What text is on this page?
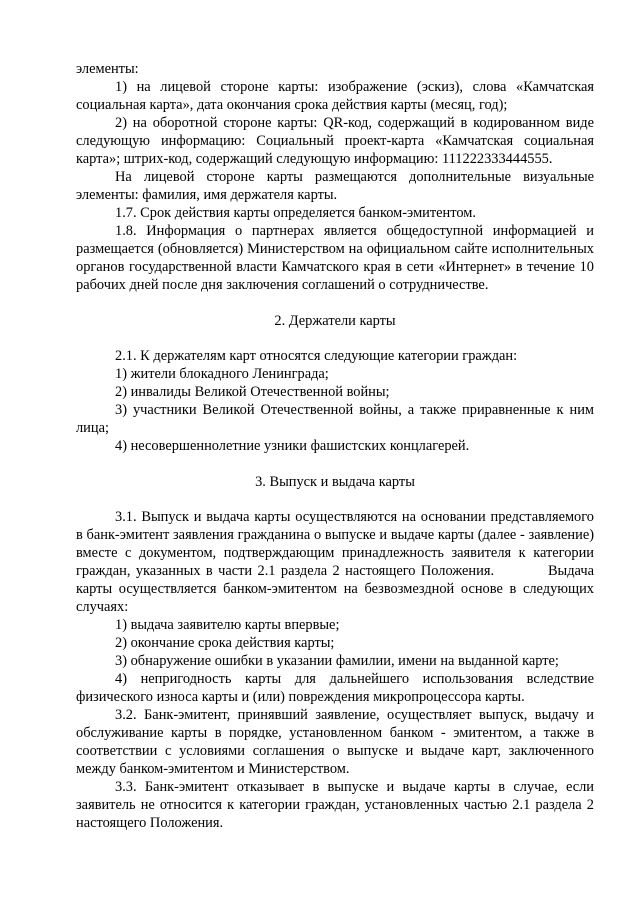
элементы:

1) на лицевой стороне карты: изображение (эскиз), слова «Камчатская социальная карта», дата окончания срока действия карты (месяц, год);

2) на оборотной стороне карты: QR-код, содержащий в кодированном виде следующую информацию: Социальный проект-карта «Камчатская социальная карта»; штрих-код, содержащий следующую информацию: 111222333444555.

На лицевой стороне карты размещаются дополнительные визуальные элементы: фамилия, имя держателя карты.

1.7. Срок действия карты определяется банком-эмитентом.

1.8. Информация о партнерах является общедоступной информацией и размещается (обновляется) Министерством на официальном сайте исполнительных органов государственной власти Камчатского края в сети «Интернет» в течение 10 рабочих дней после дня заключения соглашений о сотрудничестве.

2. Держатели карты

2.1. К держателям карт относятся следующие категории граждан:

1) жители блокадного Ленинграда;

2) инвалиды Великой Отечественной войны;

3) участники Великой Отечественной войны, а также приравненные к ним лица;

4) несовершеннолетние узники фашистских концлагерей.

3. Выпуск и выдача карты

3.1. Выпуск и выдача карты осуществляются на основании представляемого в банк-эмитент заявления гражданина о выпуске и выдаче карты (далее - заявление) вместе с документом, подтверждающим принадлежность заявителя к категории граждан, указанных в части 2.1 раздела 2 настоящего Положения.          Выдача карты осуществляется банком-эмитентом на безвозмездной основе в следующих случаях:

1) выдача заявителю карты впервые;

2) окончание срока действия карты;

3) обнаружение ошибки в указании фамилии, имени на выданной карте;

4) непригодность карты для дальнейшего использования вследствие физического износа карты и (или) повреждения микропроцессора карты.

3.2. Банк-эмитент, принявший заявление, осуществляет выпуск, выдачу и обслуживание карты в порядке, установленном банком - эмитентом, а также в соответствии с условиями соглашения о выпуске и выдаче карт, заключенного между банком-эмитентом и Министерством.

3.3. Банк-эмитент отказывает в выпуске и выдаче карты в случае, если заявитель не относится к категории граждан, установленных частью 2.1 раздела 2 настоящего Положения.
